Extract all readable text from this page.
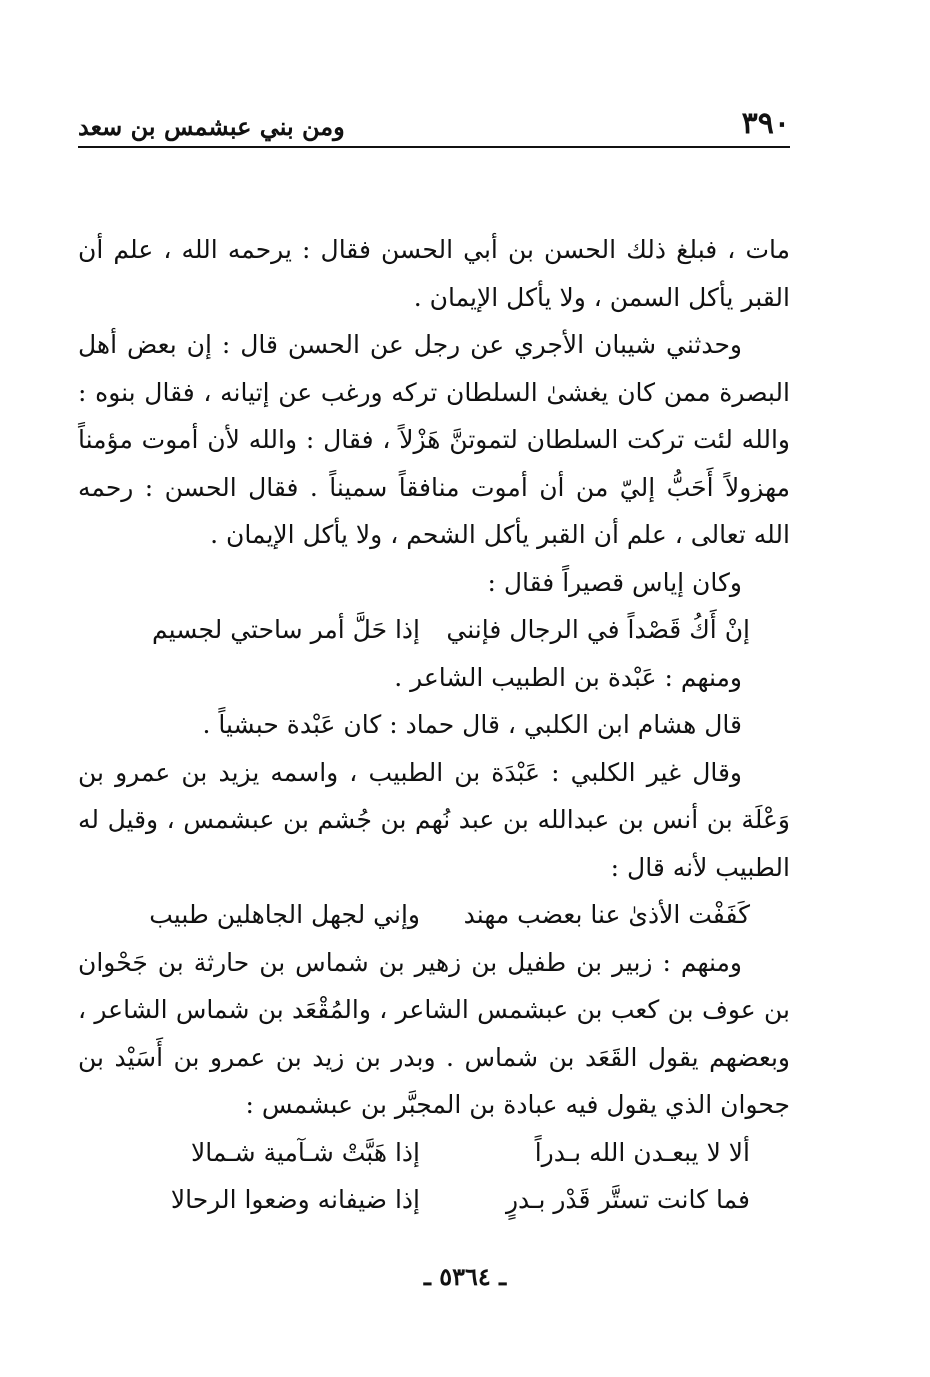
٣٩٠
ومن بني عبشمس بن سعد

مات ، فبلغ ذلك الحسن بن أبي الحسن فقال : يرحمه الله ، علم أن القبر يأكل السمن ، ولا يأكل الإيمان .

وحدثني شيبان الأجري عن رجل عن الحسن قال : إن بعض أهل البصرة ممن كان يغشىٰ السلطان تركه ورغب عن إتيانه ، فقال بنوه : والله لئت تركت السلطان لتموتنَّ هَزْلاً ، فقال : والله لأن أموت مؤمناً مهزولاً أَحَبُّ إليّ من أن أموت منافقاً سميناً . فقال الحسن : رحمه الله تعالى ، علم أن القبر يأكل الشحم ، ولا يأكل الإيمان .

وكان إياس قصيراً فقال :

إنْ أَكُ قَصْداً في الرجال فإنني
إذا حَلَّ أمر ساحتي لجسيم

ومنهم : عَبْدة بن الطبيب الشاعر .

قال هشام ابن الكلبي ، قال حماد : كان عَبْدة حبشياً .

وقال غير الكلبي : عَبْدَة بن الطبيب ، واسمه يزيد بن عمرو بن وَعْلَة بن أنس بن عبدالله بن عبد نُهم بن جُشم بن عبشمس ، وقيل له الطبيب لأنه قال :

كَفَفْت الأذىٰ عنا بعضب مهند
وإني لجهل الجاهلين طبيب

ومنهم : زبير بن طفيل بن زهير بن شماس بن حارثة بن جَحْوان بن عوف بن كعب بن عبشمس الشاعر ، والمُقْعَد بن شماس الشاعر ، وبعضهم يقول القَعَد بن شماس . وبدر بن زيد بن عمرو بن أَسَيْد بن جحوان الذي يقول فيه عبادة بن المجبَّر بن عبشمس :

ألا لا يبعـدن الله بـدراً
إذا هَبَّتْ شـآمية شـمالا
فما كانت تستَّر قَدْر بـدرٍ
إذا ضيفانه وضعوا الرحالا
ـ ٥٣٦٤ ـ
